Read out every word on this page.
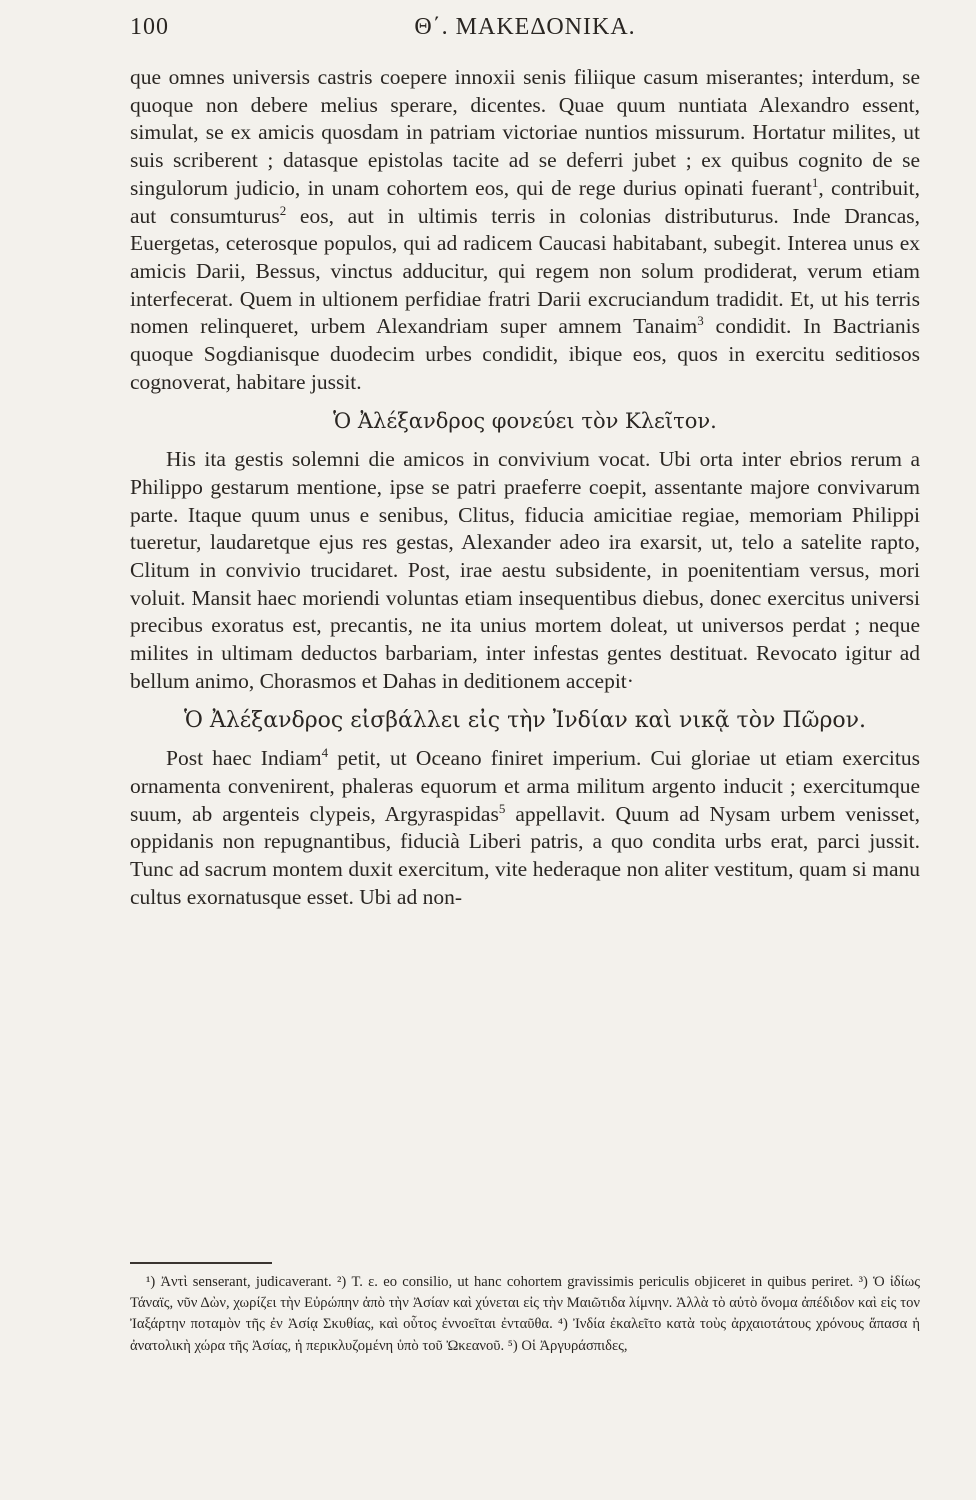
100	Θ΄. ΜΑΚΕΔΟΝΙΚΑ.

que omnes universis castris coepere innoxii senis filiique casum miserantes; interdum, se quoque non debere melius sperare, dicentes. Quae quum nuntiata Alexandro essent, simulat, se ex amicis quosdam in patriam victoriae nuntios missurum. Hortatur milites, ut suis scriberent ; datasque epistolas tacite ad se deferri jubet ; ex quibus cognito de se singulorum judicio, in unam cohortem eos, qui de rege durius opinati fuerant$^1$, contribuit, aut consumturus$^2$ eos, aut in ultimis terris in colonias distributurus. Inde Drancas, Euergetas, ceterosque populos, qui ad radicem Caucasi habitabant, subegit. Interea unus ex amicis Darii, Bessus, vinctus adducitur, qui regem non solum prodiderat, verum etiam interfecerat. Quem in ultionem perfidiae fratri Darii excruciandum tradidit. Et, ut his terris nomen relinqueret, urbem Alexandriam super amnem Tanaim$^3$ condidit. In Bactrianis quoque Sogdianisque duodecim urbes condidit, ibique eos, quos in exercitu seditiosos cognoverat, habitare jussit.

Ὁ Ἀλέξανδρος φονεύει τὸν Κλεῖτον.

His ita gestis solemni die amicos in convivium vocat. Ubi orta inter ebrios rerum a Philippo gestarum mentione, ipse se patri praeferre coepit, assentante majore convivarum parte. Itaque quum unus e senibus, Clitus, fiducia amicitiae regiae, memoriam Philippi tueretur, laudaretque ejus res gestas, Alexander adeo ira exarsit, ut, telo a satelite rapto, Clitum in convivio trucidaret. Post, irae aestu subsidente, in poenitentiam versus, mori voluit. Mansit haec moriendi voluntas etiam insequentibus diebus, donec exercitus universi precibus exoratus est, precantis, ne ita unius mortem doleat, ut universos perdat ; neque milites in ultimam deductos barbariam, inter infestas gentes destituat. Revocato igitur ad bellum animo, Chorasmos et Dahas in deditionem accepit·

Ὁ Ἀλέξανδρος εἰσβάλλει εἰς τὴν Ἰνδίαν καὶ νικᾷ τὸν Πῶρον.

Post haec Indiam$^4$ petit, ut Oceano finiret imperium. Cui gloriae ut etiam exercitus ornamenta convenirent, phaleras equorum et arma militum argento inducit ; exercitumque suum, ab argenteis clypeis, Argyraspidas$^5$ appellavit. Quum ad Nysam urbem venisset, oppidanis non repugnantibus, fiducià Liberi patris, a quo condita urbs erat, parci jussit. Tunc ad sacrum montem duxit exercitum, vite hederaque non aliter vestitum, quam si manu cultus exornatusque esset. Ubi ad non-

¹) Ἀντὶ senserant, judicaverant. ²) Τ. ε. eo consilio, ut hanc cohortem gravissimis periculis objiceret in quibus periret. ³) Ὁ ἰδίως Τάναϊς, νῦν Δὼν, χωρίζει τὴν Εὐρώπην ἀπὸ τὴν Ἀσίαν καὶ χύνεται εἰς τὴν Μαιῶτιδα λίμνην. Ἀλλὰ τὸ αὐτὸ ὄνομα ἀπέδιδον καὶ εἰς τον Ἰαξάρτην ποταμὸν τῆς ἐν Ἀσίᾳ Σκυθίας, καὶ οὗτος ἐννοεῖται ἐνταῦθα. ⁴) Ἰνδία ἐκαλεῖτο κατὰ τοὺς ἀρχαιοτάτους χρόνους ἅπασα ἡ ἀνατολικὴ χώρα τῆς Ἀσίας, ἡ περικλυζομένη ὑπὸ τοῦ Ὠκεανοῦ. ⁵) Οἱ Ἀργυράσπιδες,
